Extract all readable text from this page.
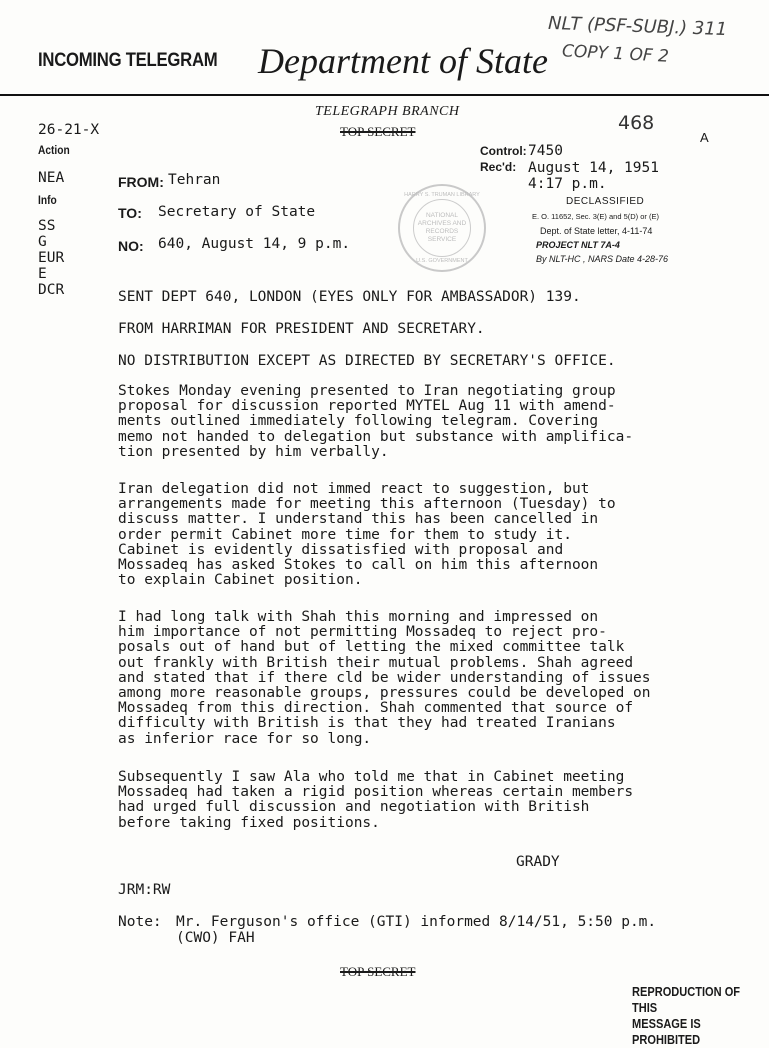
INCOMING TELEGRAM Department of State
NLT (PSF-SUBJ.) 311
COPY 1 OF 2
TELEGRAPH BRANCH
TOP SECRET	468
A
26-21-X
Action
NEA
Info
SS
G
EUR
E
DCR
Control: 7450
Rec'd: August 14, 1951
4:17 p.m.
FROM: Tehran
TO: Secretary of State
NO: 640, August 14, 9 p.m.
HARRY S. TRUMAN LIBRARY
NATIONAL
ARCHIVES AND
RECORDS
SERVICE
U.S. GOVERNMENT
DECLASSIFIED
E. O. 11652, Sec. 3(E) and 5(D) or (E)
Dept. of State letter, 4-11-74
PROJECT NLT 7A-4
By NLT-HC , NARS Date 4-28-76
SENT DEPT 640, LONDON (EYES ONLY FOR AMBASSADOR) 139.
FROM HARRIMAN FOR PRESIDENT AND SECRETARY.
NO DISTRIBUTION EXCEPT AS DIRECTED BY SECRETARY'S OFFICE.
Stokes Monday evening presented to Iran negotiating group
proposal for discussion reported MYTEL Aug 11 with amend-
ments outlined immediately following telegram. Covering
memo not handed to delegation but substance with amplifica-
tion presented by him verbally.
Iran delegation did not immed react to suggestion, but
arrangements made for meeting this afternoon (Tuesday) to
discuss matter. I understand this has been cancelled in
order permit Cabinet more time for them to study it.
Cabinet is evidently dissatisfied with proposal and
Mossadeq has asked Stokes to call on him this afternoon
to explain Cabinet position.
I had long talk with Shah this morning and impressed on
him importance of not permitting Mossadeq to reject pro-
posals out of hand but of letting the mixed committee talk
out frankly with British their mutual problems. Shah agreed
and stated that if there cld be wider understanding of issues
among more reasonable groups, pressures could be developed on
Mossadeq from this direction. Shah commented that source of
difficulty with British is that they had treated Iranians
as inferior race for so long.
Subsequently I saw Ala who told me that in Cabinet meeting
Mossadeq had taken a rigid position whereas certain members
had urged full discussion and negotiation with British
before taking fixed positions.
GRADY
JRM:RW
Note: Mr. Ferguson's office (GTI) informed 8/14/51, 5:50 p.m.
(CWO) FAH
TOP SECRET
REPRODUCTION OF THIS
MESSAGE IS PROHIBITED
